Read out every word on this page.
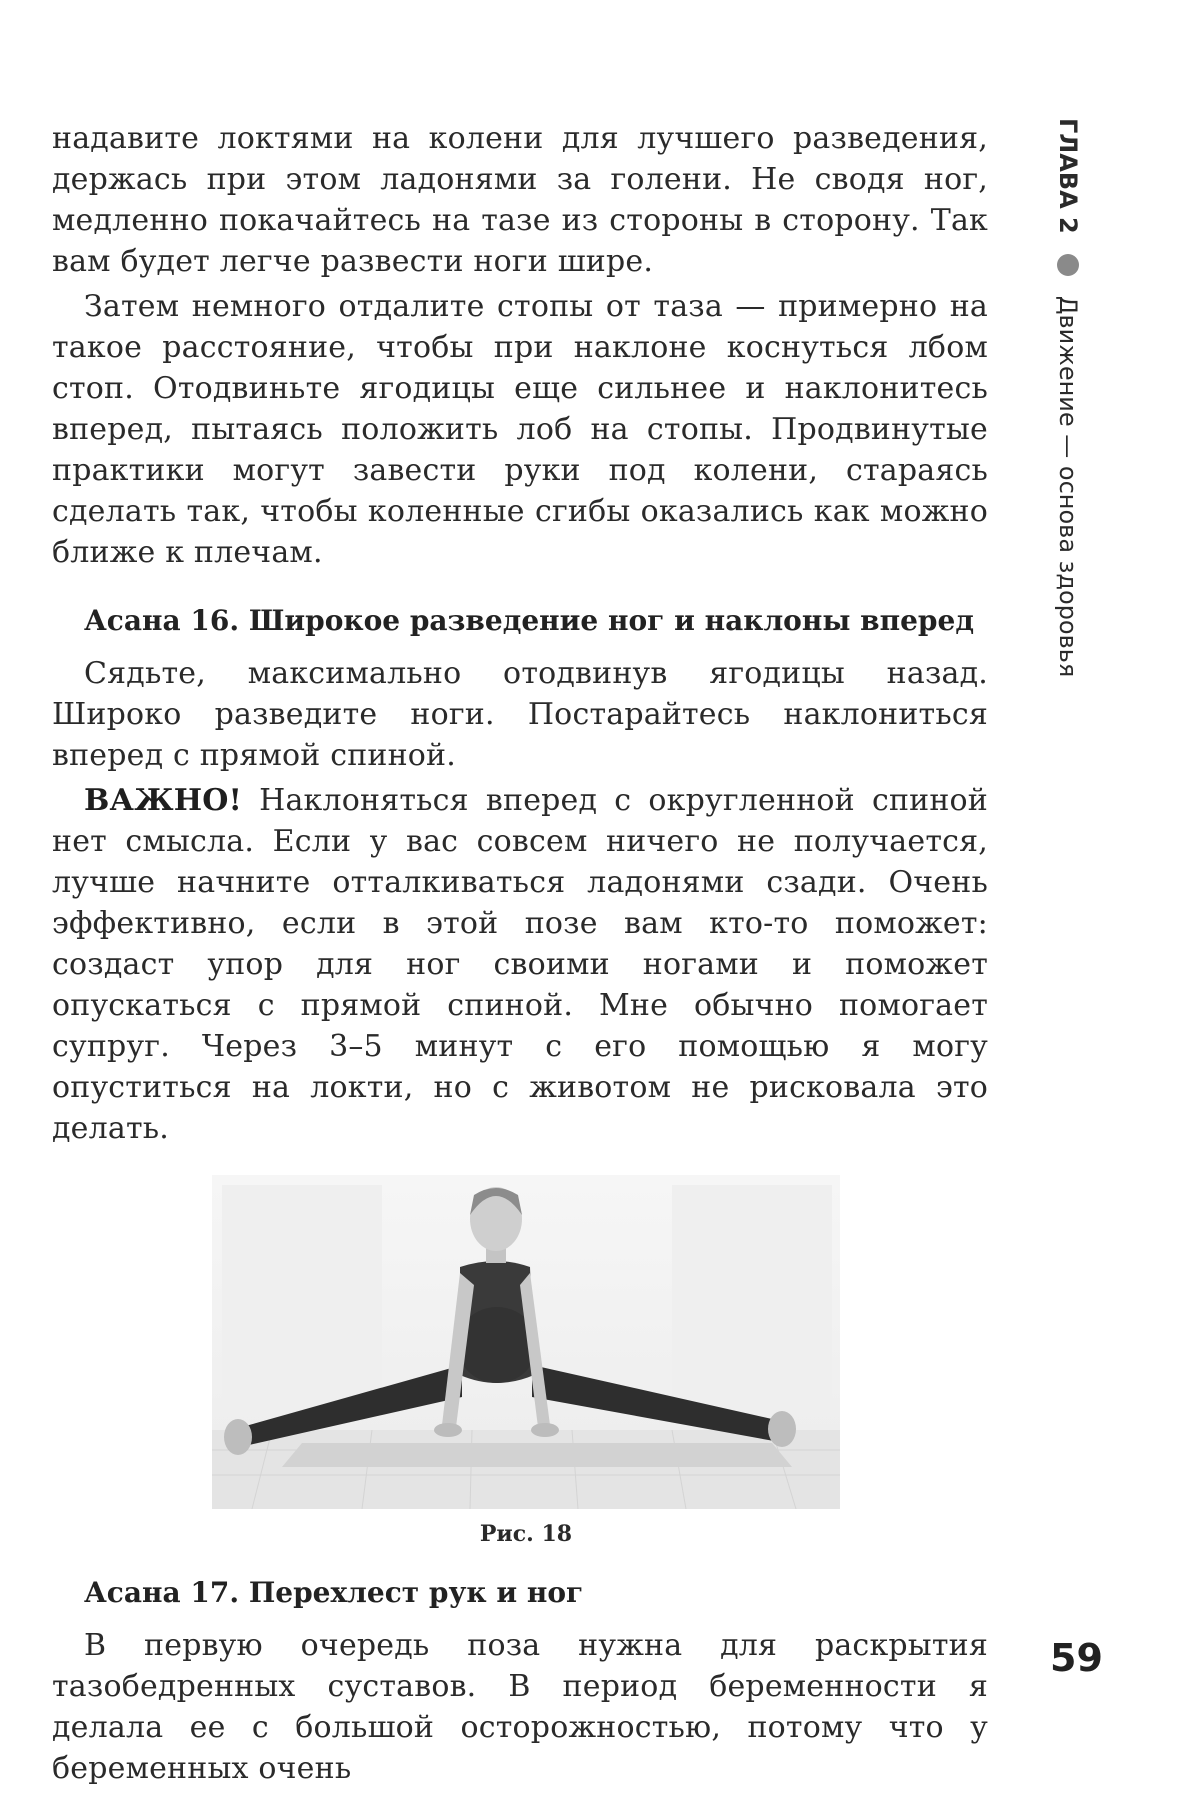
надавите локтями на колени для лучшего разведения, держась при этом ладонями за голени. Не сводя ног, медленно покачайтесь на тазе из стороны в сторону. Так вам будет легче развести ноги шире.

Затем немного отдалите стопы от таза — примерно на такое расстояние, чтобы при наклоне коснуться лбом стоп. Отодвиньте ягодицы еще сильнее и наклонитесь вперед, пытаясь положить лоб на стопы. Продвинутые практики могут завести руки под колени, стараясь сделать так, чтобы коленные сгибы оказались как можно ближе к плечам.

Асана 16. Широкое разведение ног и наклоны вперед

Сядьте, максимально отодвинув ягодицы назад. Широко разведите ноги. Постарайтесь наклониться вперед с прямой спиной.

ВАЖНО! Наклоняться вперед с округленной спиной нет смысла. Если у вас совсем ничего не получается, лучше начните отталкиваться ладонями сзади. Очень эффективно, если в этой позе вам кто-то поможет: создаст упор для ног своими ногами и поможет опускаться с прямой спиной. Мне обычно помогает супруг. Через 3–5 минут с его помощью я могу опуститься на локти, но с животом не рисковала это делать.

Рис. 18
Асана 17. Перехлест рук и ног

В первую очередь поза нужна для раскрытия тазобедренных суставов. В период беременности я делала ее с большой осторожностью, потому что у беременных очень

ГЛАВА 2
Движение — основа здоровья
59
